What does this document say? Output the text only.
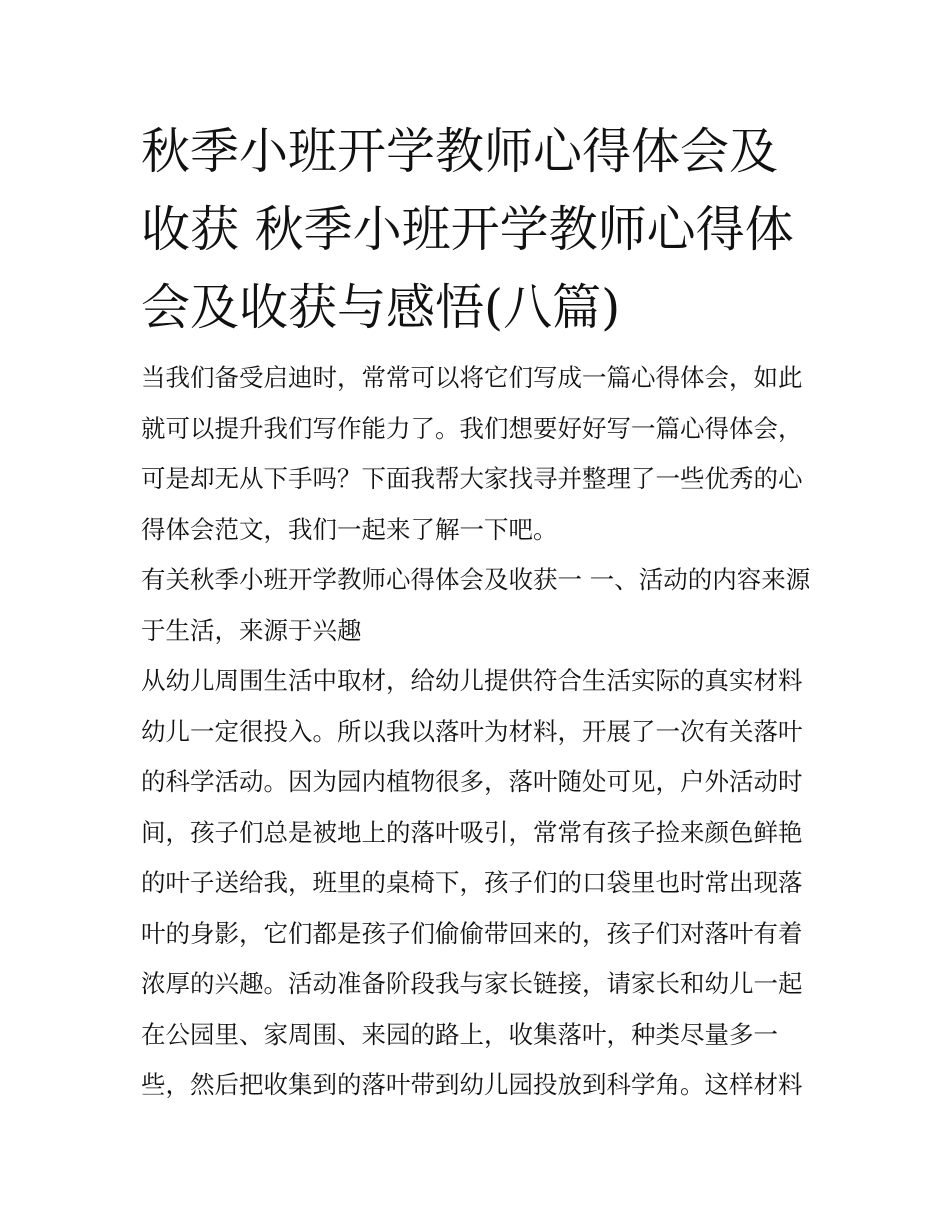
秋季小班开学教师心得体会及收获 秋季小班开学教师心得体会及收获与感悟(八篇)

当我们备受启迪时，常常可以将它们写成一篇心得体会，如此就可以提升我们写作能力了。我们想要好好写一篇心得体会，可是却无从下手吗？下面我帮大家找寻并整理了一些优秀的心得体会范文，我们一起来了解一下吧。

有关秋季小班开学教师心得体会及收获一 一、活动的内容来源于生活，来源于兴趣

从幼儿周围生活中取材，给幼儿提供符合生活实际的真实材料幼儿一定很投入。所以我以落叶为材料，开展了一次有关落叶的科学活动。因为园内植物很多，落叶随处可见，户外活动时间，孩子们总是被地上的落叶吸引，常常有孩子捡来颜色鲜艳的叶子送给我，班里的桌椅下，孩子们的口袋里也时常出现落叶的身影，它们都是孩子们偷偷带回来的，孩子们对落叶有着浓厚的兴趣。活动准备阶段我与家长链接，请家长和幼儿一起在公园里、家周围、来园的路上，收集落叶，种类尽量多一些，然后把收集到的落叶带到幼儿园投放到科学角。这样材料
